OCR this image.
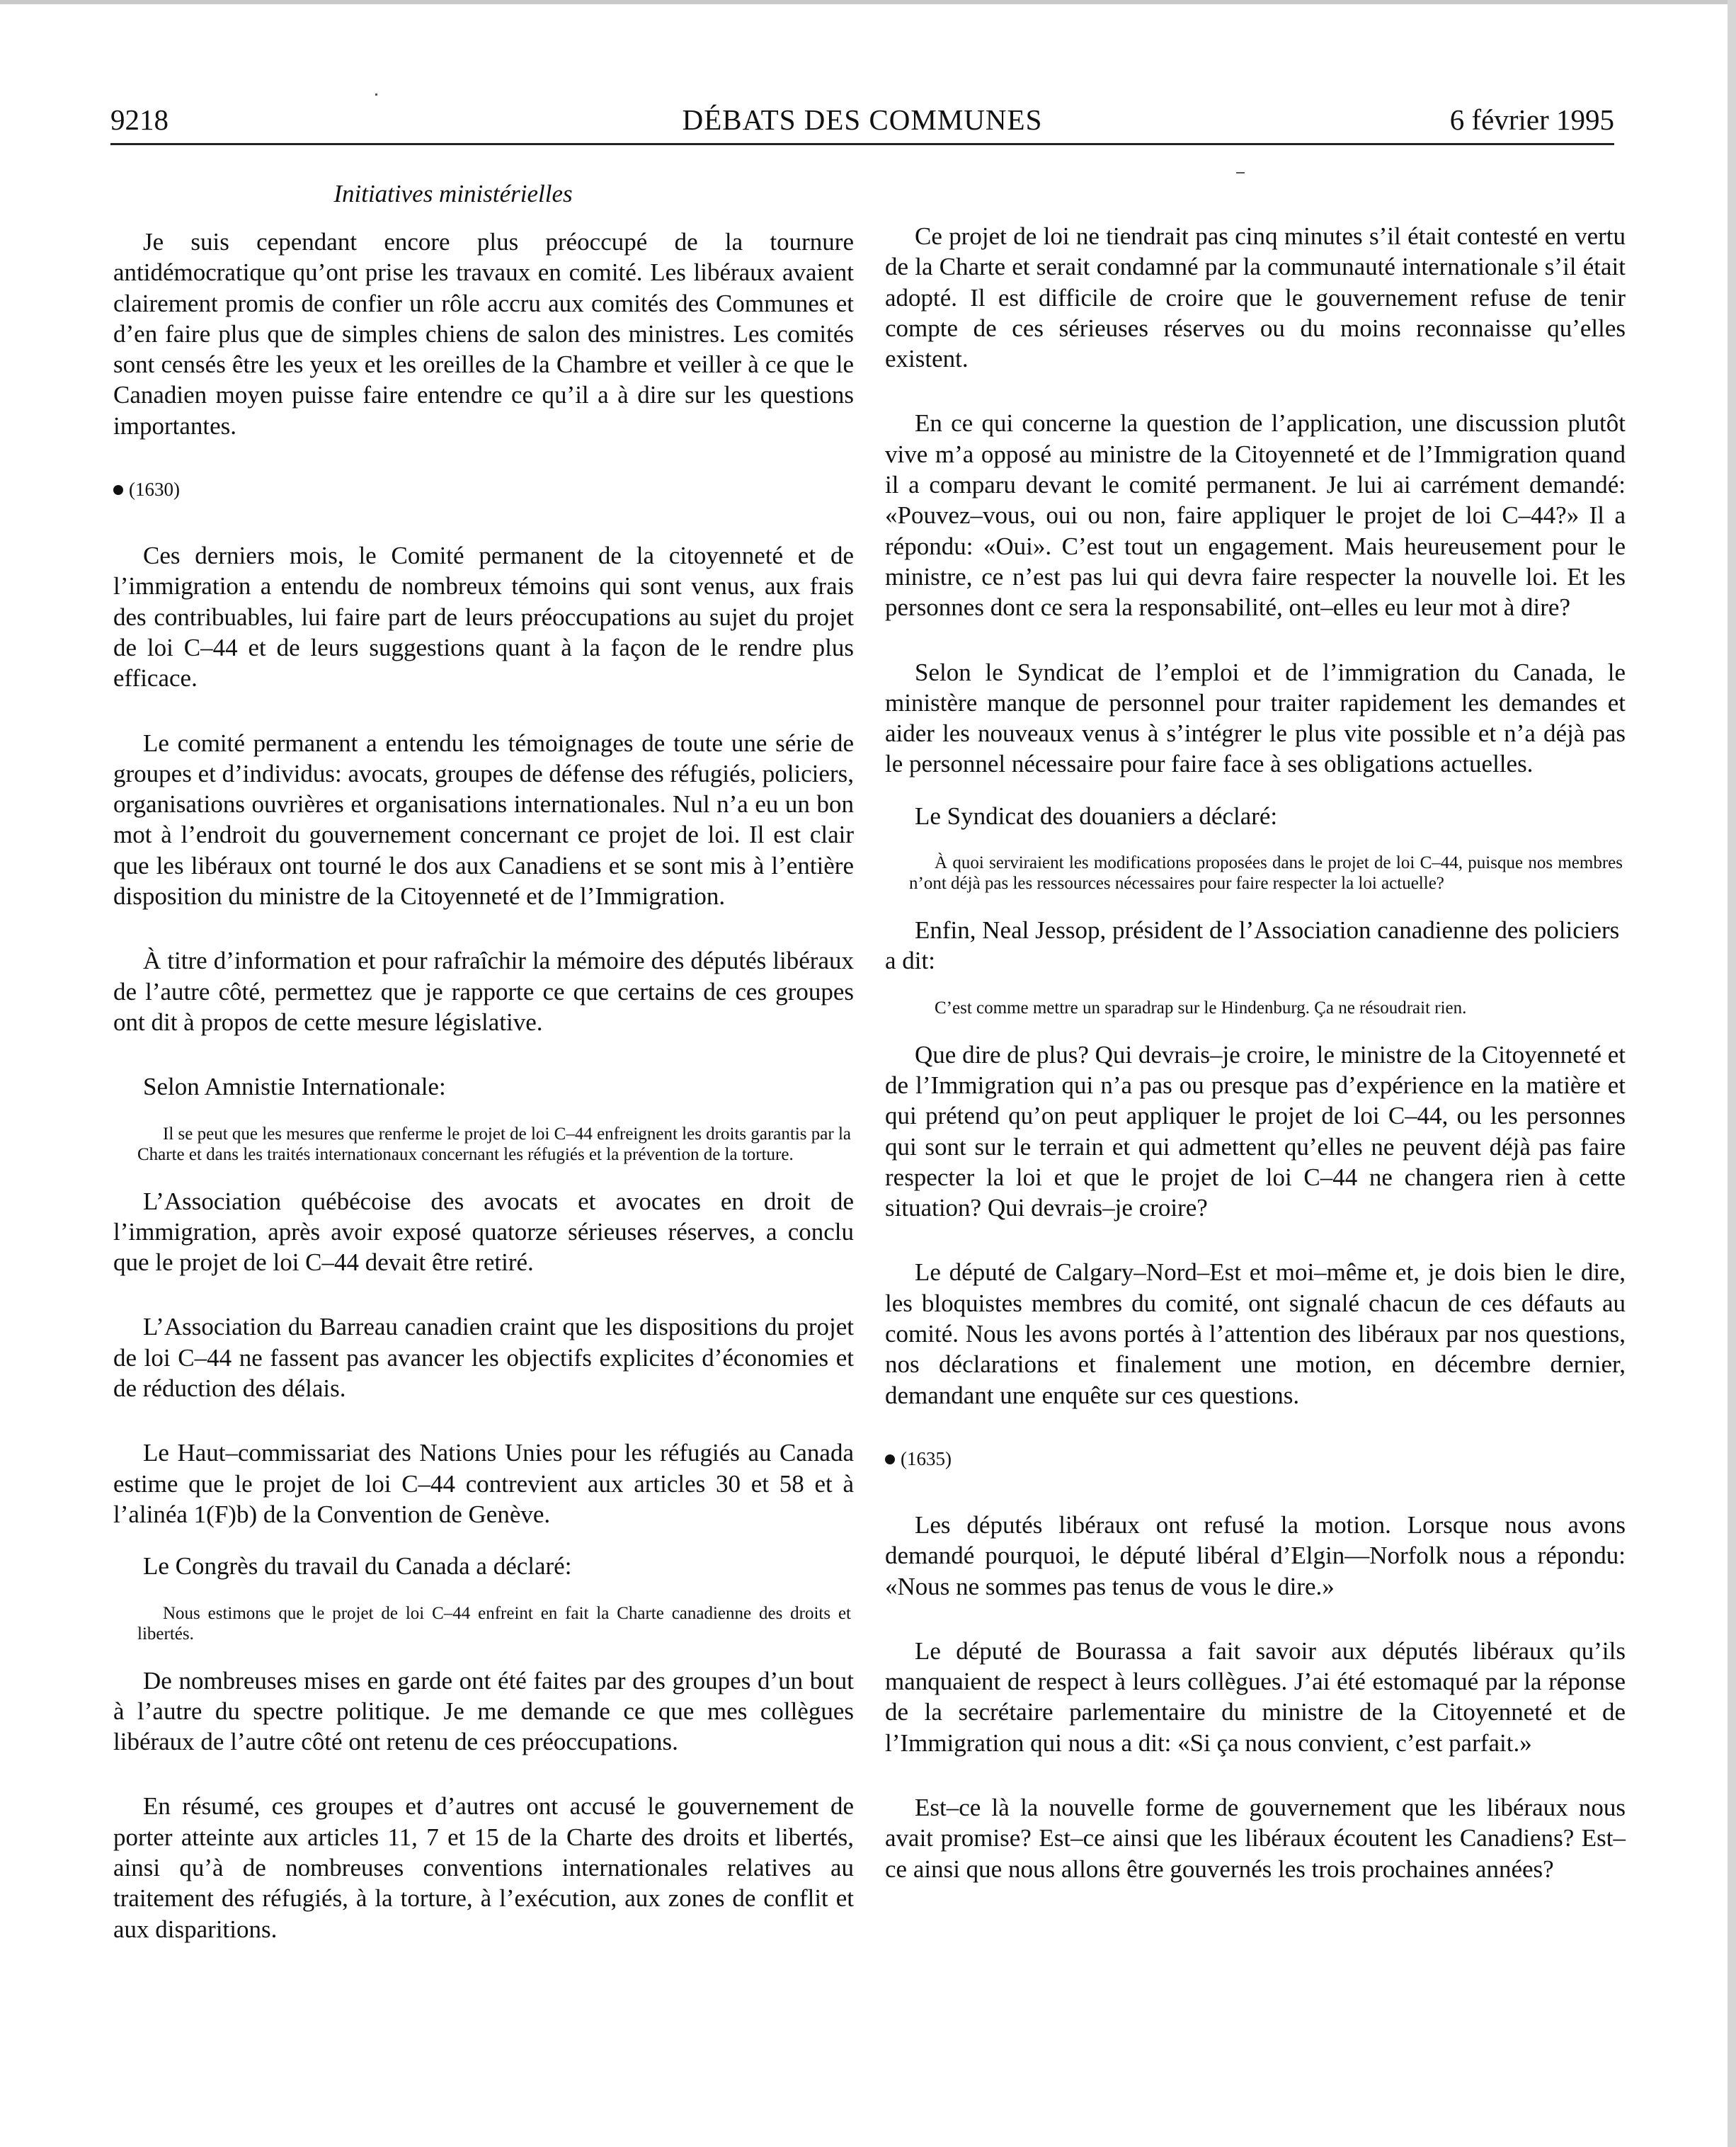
DÉBATS DES COMMUNES
9218	6 février 1995
Initiatives ministérielles

Je suis cependant encore plus préoccupé de la tournure antidémocratique qu’ont prise les travaux en comité. Les libéraux avaient clairement promis de confier un rôle accru aux comités des Communes et d’en faire plus que de simples chiens de salon des ministres. Les comités sont censés être les yeux et les oreilles de la Chambre et veiller à ce que le Canadien moyen puisse faire entendre ce qu’il a à dire sur les questions importantes.

(1630)

Ces derniers mois, le Comité permanent de la citoyenneté et de l’immigration a entendu de nombreux témoins qui sont venus, aux frais des contribuables, lui faire part de leurs préoccupations au sujet du projet de loi C–44 et de leurs suggestions quant à la façon de le rendre plus efficace.

Le comité permanent a entendu les témoignages de toute une série de groupes et d’individus: avocats, groupes de défense des réfugiés, policiers, organisations ouvrières et organisations internationales. Nul n’a eu un bon mot à l’endroit du gouvernement concernant ce projet de loi. Il est clair que les libéraux ont tourné le dos aux Canadiens et se sont mis à l’entière disposition du ministre de la Citoyenneté et de l’Immigration.

À titre d’information et pour rafraîchir la mémoire des députés libéraux de l’autre côté, permettez que je rapporte ce que certains de ces groupes ont dit à propos de cette mesure législative.

Selon Amnistie Internationale:

Il se peut que les mesures que renferme le projet de loi C–44 enfreignent les droits garantis par la Charte et dans les traités internationaux concernant les réfugiés et la prévention de la torture.

L’Association québécoise des avocats et avocates en droit de l’immigration, après avoir exposé quatorze sérieuses réserves, a conclu que le projet de loi C–44 devait être retiré.

L’Association du Barreau canadien craint que les dispositions du projet de loi C–44 ne fassent pas avancer les objectifs explicites d’économies et de réduction des délais.

Le Haut–commissariat des Nations Unies pour les réfugiés au Canada estime que le projet de loi C–44 contrevient aux articles 30 et 58 et à l’alinéa 1(F)b) de la Convention de Genève.

Le Congrès du travail du Canada a déclaré:

Nous estimons que le projet de loi C–44 enfreint en fait la Charte canadienne des droits et libertés.

De nombreuses mises en garde ont été faites par des groupes d’un bout à l’autre du spectre politique. Je me demande ce que mes collègues libéraux de l’autre côté ont retenu de ces préoccupations.

En résumé, ces groupes et d’autres ont accusé le gouvernement de porter atteinte aux articles 11, 7 et 15 de la Charte des droits et libertés, ainsi qu’à de nombreuses conventions internationales relatives au traitement des réfugiés, à la torture, à l’exécution, aux zones de conflit et aux disparitions.

Ce projet de loi ne tiendrait pas cinq minutes s’il était contesté en vertu de la Charte et serait condamné par la communauté internationale s’il était adopté. Il est difficile de croire que le gouvernement refuse de tenir compte de ces sérieuses réserves ou du moins reconnaisse qu’elles existent.

En ce qui concerne la question de l’application, une discussion plutôt vive m’a opposé au ministre de la Citoyenneté et de l’Immigration quand il a comparu devant le comité permanent. Je lui ai carrément demandé: «Pouvez–vous, oui ou non, faire appliquer le projet de loi C–44?» Il a répondu: «Oui». C’est tout un engagement. Mais heureusement pour le ministre, ce n’est pas lui qui devra faire respecter la nouvelle loi. Et les personnes dont ce sera la responsabilité, ont–elles eu leur mot à dire?

Selon le Syndicat de l’emploi et de l’immigration du Canada, le ministère manque de personnel pour traiter rapidement les demandes et aider les nouveaux venus à s’intégrer le plus vite possible et n’a déjà pas le personnel nécessaire pour faire face à ses obligations actuelles.

Le Syndicat des douaniers a déclaré:

À quoi serviraient les modifications proposées dans le projet de loi C–44, puisque nos membres n’ont déjà pas les ressources nécessaires pour faire respecter la loi actuelle?

Enfin, Neal Jessop, président de l’Association canadienne des policiers a dit:

C’est comme mettre un sparadrap sur le Hindenburg. Ça ne résoudrait rien.

Que dire de plus? Qui devrais–je croire, le ministre de la Citoyenneté et de l’Immigration qui n’a pas ou presque pas d’expérience en la matière et qui prétend qu’on peut appliquer le projet de loi C–44, ou les personnes qui sont sur le terrain et qui admettent qu’elles ne peuvent déjà pas faire respecter la loi et que le projet de loi C–44 ne changera rien à cette situation? Qui devrais–je croire?

Le député de Calgary–Nord–Est et moi–même et, je dois bien le dire, les bloquistes membres du comité, ont signalé chacun de ces défauts au comité. Nous les avons portés à l’attention des libéraux par nos questions, nos déclarations et finalement une motion, en décembre dernier, demandant une enquête sur ces questions.

(1635)

Les députés libéraux ont refusé la motion. Lorsque nous avons demandé pourquoi, le député libéral d’Elgin—Norfolk nous a répondu: «Nous ne sommes pas tenus de vous le dire.»

Le député de Bourassa a fait savoir aux députés libéraux qu’ils manquaient de respect à leurs collègues. J’ai été estomaqué par la réponse de la secrétaire parlementaire du ministre de la Citoyenneté et de l’Immigration qui nous a dit: «Si ça nous convient, c’est parfait.»

Est–ce là la nouvelle forme de gouvernement que les libéraux nous avait promise? Est–ce ainsi que les libéraux écoutent les Canadiens? Est–ce ainsi que nous allons être gouvernés les trois prochaines années?
